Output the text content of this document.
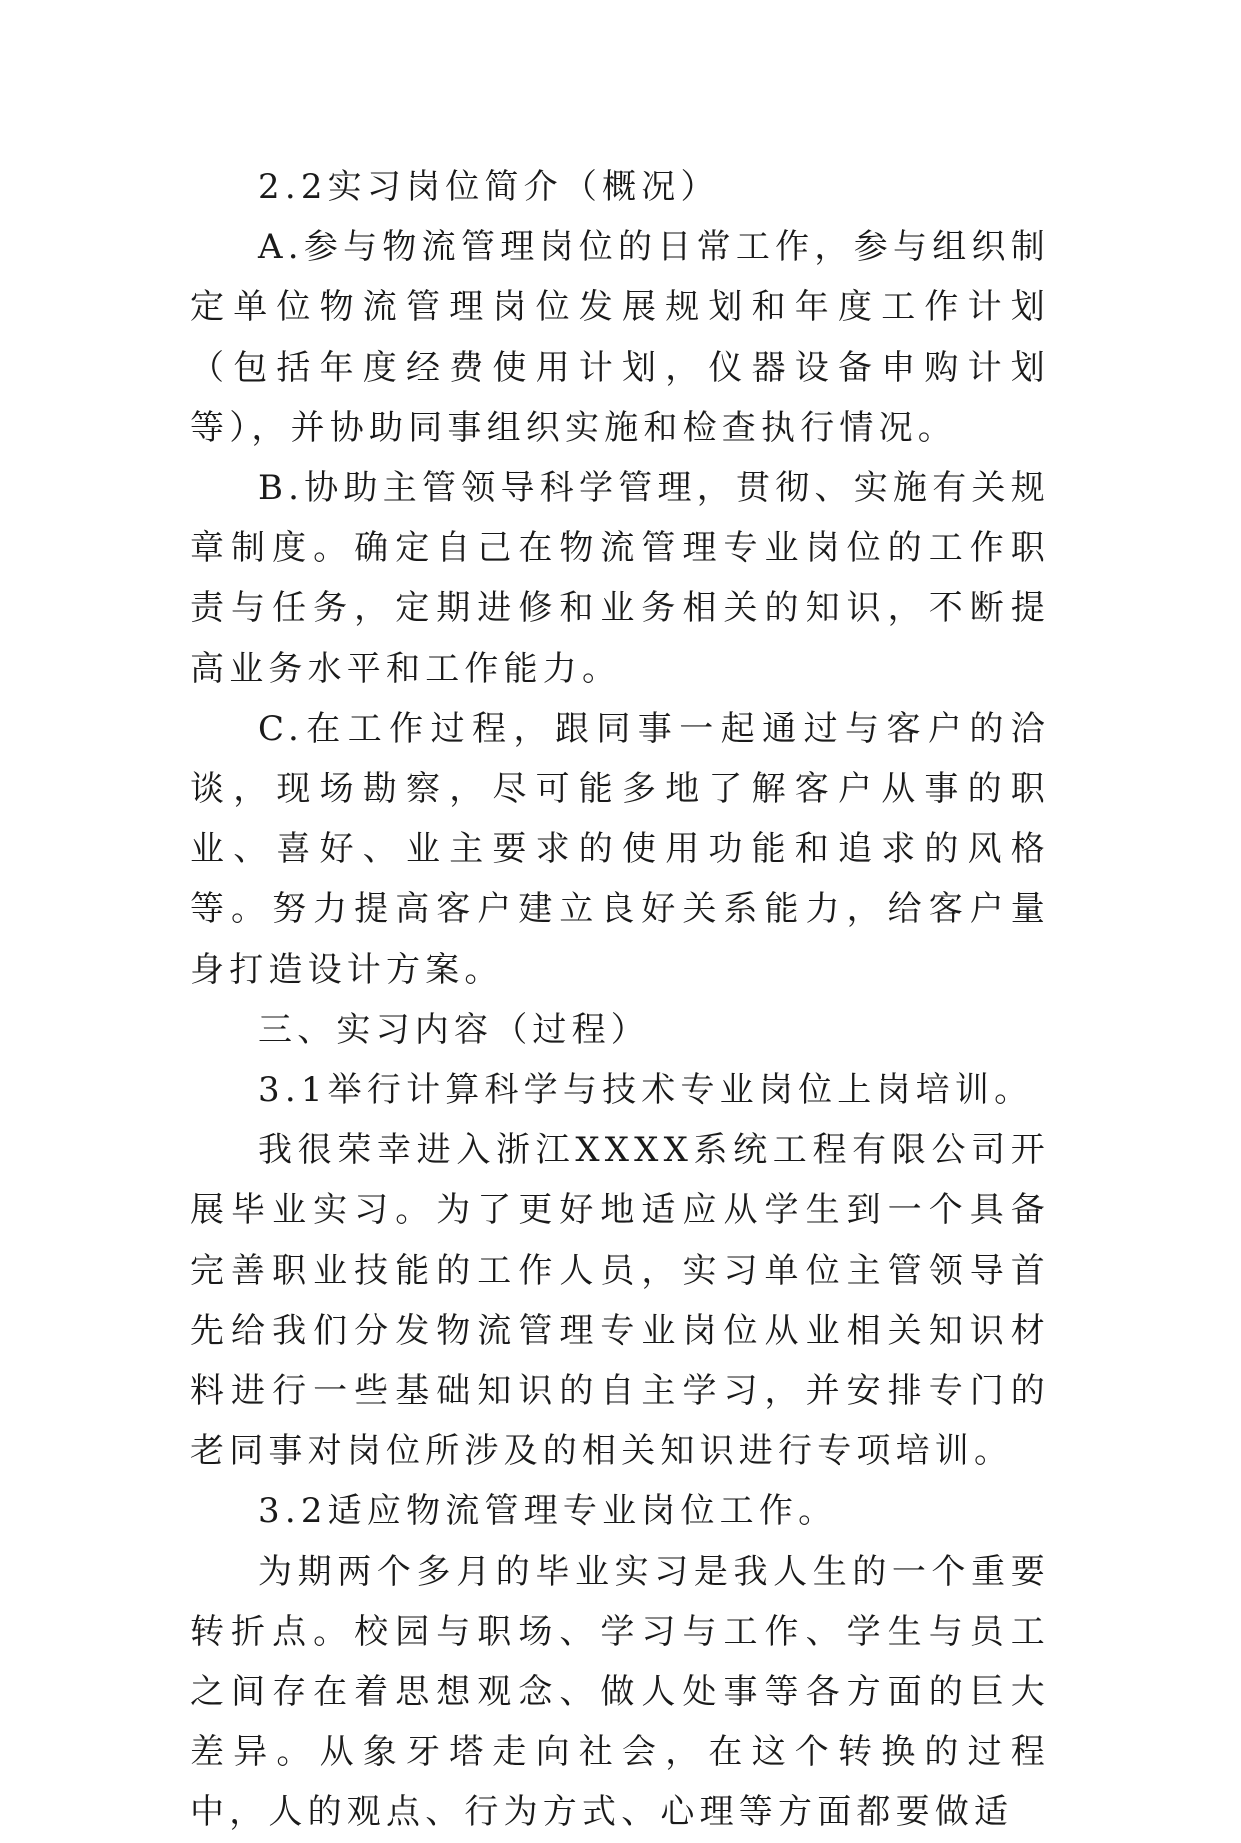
2.2实习岗位简介（概况）

A.参与物流管理岗位的日常工作，参与组织制定单位物流管理岗位发展规划和年度工作计划（包括年度经费使用计划，仪器设备申购计划等），并协助同事组织实施和检查执行情况。

B.协助主管领导科学管理，贯彻、实施有关规章制度。确定自己在物流管理专业岗位的工作职责与任务，定期进修和业务相关的知识，不断提高业务水平和工作能力。

C.在工作过程，跟同事一起通过与客户的洽谈，现场勘察，尽可能多地了解客户从事的职业、喜好、业主要求的使用功能和追求的风格等。努力提高客户建立良好关系能力，给客户量身打造设计方案。

三、实习内容（过程）

3.1举行计算科学与技术专业岗位上岗培训。

我很荣幸进入浙江XXXX系统工程有限公司开展毕业实习。为了更好地适应从学生到一个具备完善职业技能的工作人员，实习单位主管领导首先给我们分发物流管理专业岗位从业相关知识材料进行一些基础知识的自主学习，并安排专门的老同事对岗位所涉及的相关知识进行专项培训。

3.2适应物流管理专业岗位工作。

为期两个多月的毕业实习是我人生的一个重要转折点。校园与职场、学习与工作、学生与员工之间存在着思想观念、做人处事等各方面的巨大差异。从象牙塔走向社会，在这个转换的过程中，人的观点、行为方式、心理等方面都要做适
